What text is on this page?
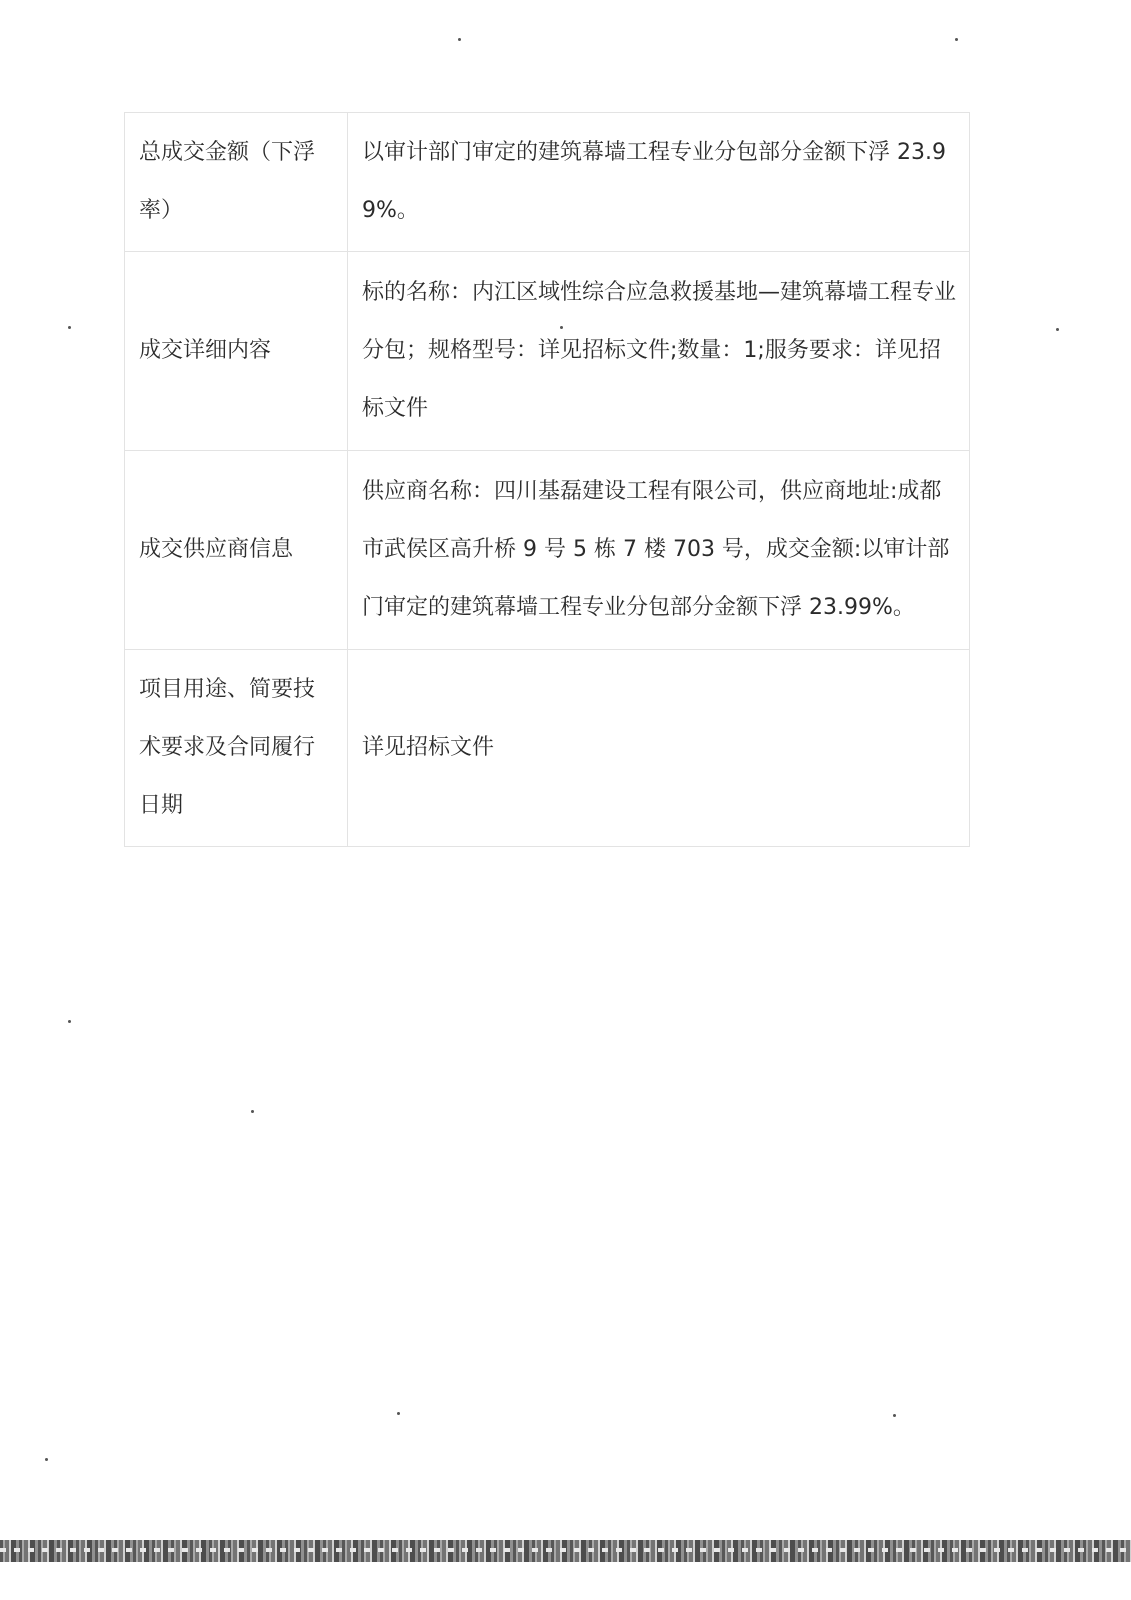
总成交金额（下浮率）	以审计部门审定的建筑幕墙工程专业分包部分金额下浮 23.99%。
成交详细内容	标的名称：内江区域性综合应急救援基地—建筑幕墙工程专业分包；规格型号：详见招标文件;数量：1;服务要求：详见招标文件
成交供应商信息	供应商名称：四川基磊建设工程有限公司，供应商地址:成都市武侯区高升桥 9 号 5 栋 7 楼 703 号，成交金额:以审计部门审定的建筑幕墙工程专业分包部分金额下浮 23.99%。
项目用途、简要技术要求及合同履行日期	详见招标文件
